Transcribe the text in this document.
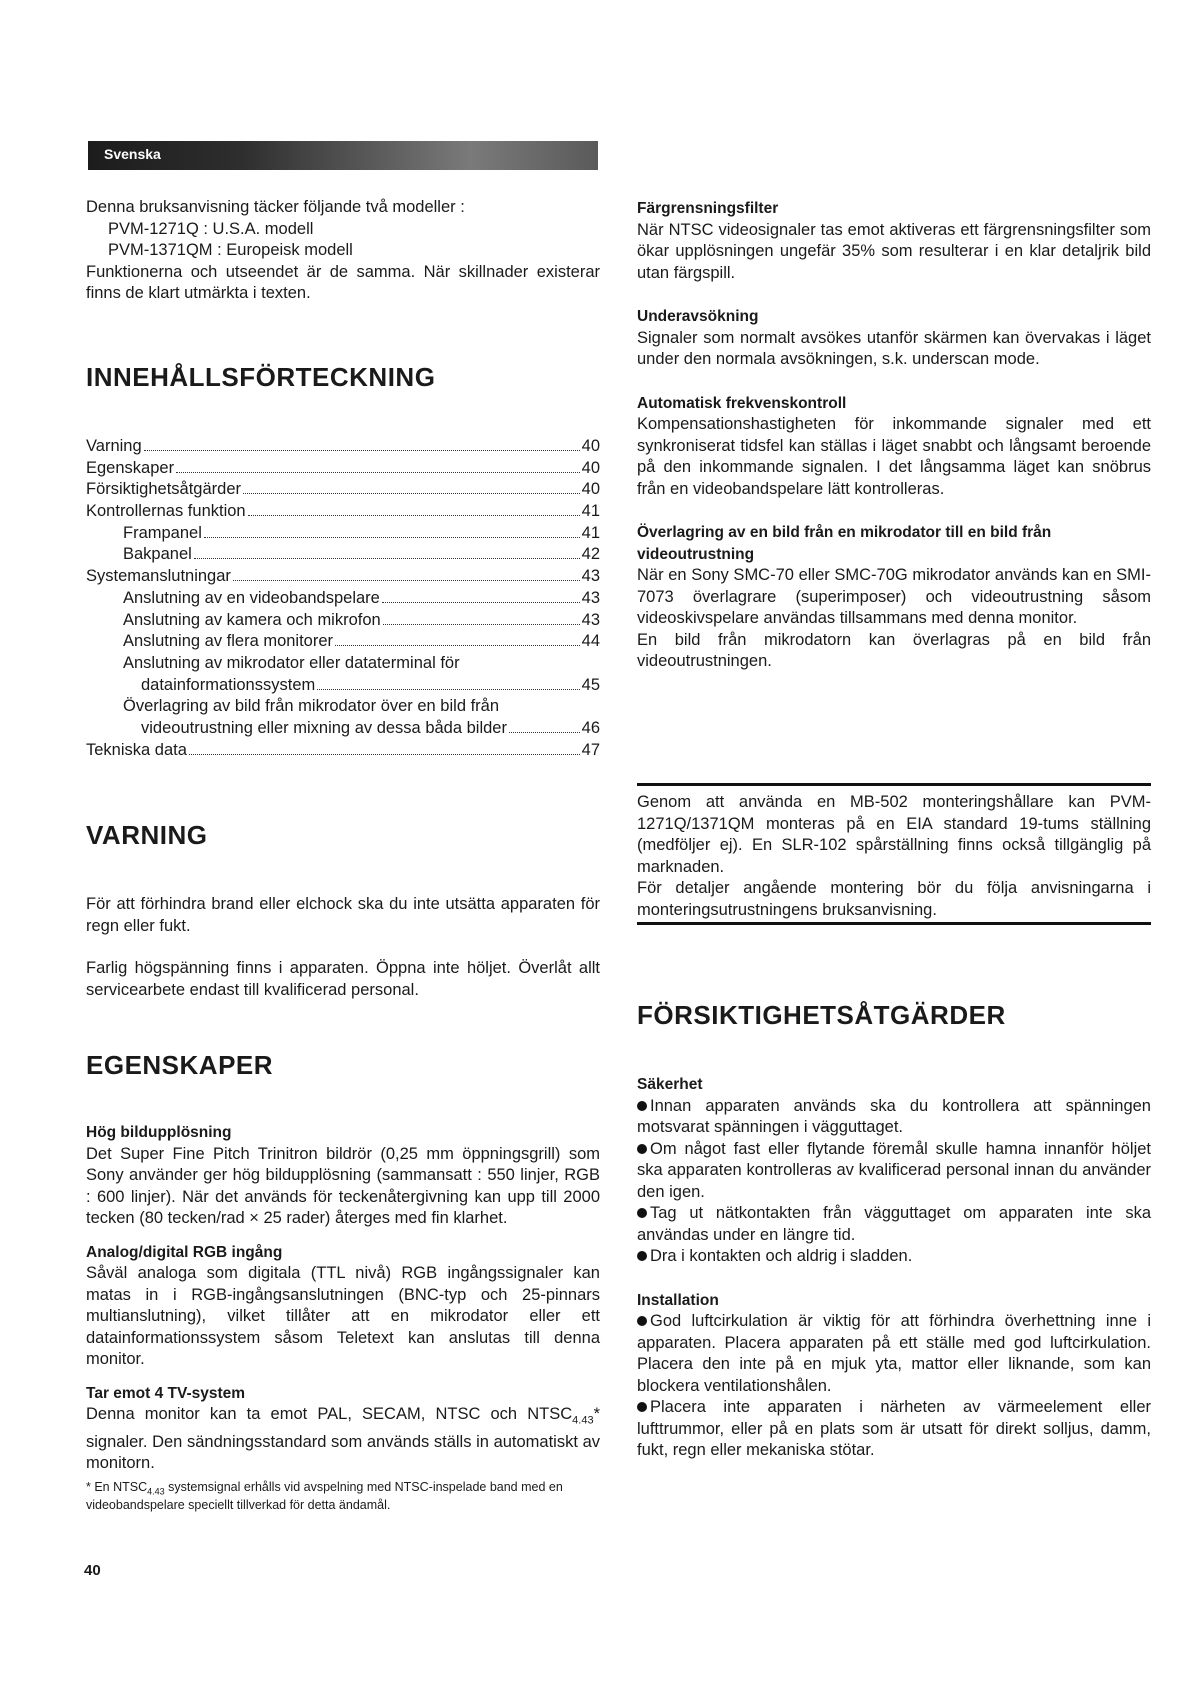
Svenska

Denna bruksanvisning täcker följande två modeller :

PVM-1271Q : U.S.A. modell

PVM-1371QM : Europeisk modell

Funktionerna och utseendet är de samma. När skillnader existerar finns de klart utmärkta i texten.

INNEHÅLLSFÖRTECKNING
Varning	40
Egenskaper	40
Försiktighetsåtgärder	40
Kontrollernas funktion	41
Frampanel	41
Bakpanel	42
Systemanslutningar	43
Anslutning av en videobandspelare	43
Anslutning av kamera och mikrofon	43
Anslutning av flera monitorer	44
Anslutning av mikrodator eller dataterminal för
datainformationssystem	45
Överlagring av bild från mikrodator över en bild från
videoutrustning eller mixning av dessa båda bilder	46
Tekniska data	47
VARNING

För att förhindra brand eller elchock ska du inte utsätta apparaten för regn eller fukt.

Farlig högspänning finns i apparaten. Öppna inte höljet. Överlåt allt servicearbete endast till kvalificerad personal.

EGENSKAPER

Hög bildupplösning

Det Super Fine Pitch Trinitron bildrör (0,25 mm öppningsgrill) som Sony använder ger hög bildupplösning (sammansatt : 550 linjer, RGB : 600 linjer). När det används för teckenåtergivning kan upp till 2000 tecken (80 tecken/rad × 25 rader) återges med fin klarhet.

Analog/digital RGB ingång

Såväl analoga som digitala (TTL nivå) RGB ingångssignaler kan matas in i RGB-ingångsanslutningen (BNC-typ och 25-pinnars multianslutning), vilket tillåter att en mikrodator eller ett datainformationssystem såsom Teletext kan anslutas till denna monitor.

Tar emot 4 TV-system

Denna monitor kan ta emot PAL, SECAM, NTSC och $NTSC_{4.43}*$ signaler. Den sändningsstandard som används ställs in automatiskt av monitorn.

* En $NTSC_{4.43}$ systemsignal erhålls vid avspelning med NTSC-inspelade band med en videobandspelare speciellt tillverkad för detta ändamål.

40

Färgrensningsfilter

När NTSC videosignaler tas emot aktiveras ett färgrensningsfilter som ökar upplösningen ungefär 35% som resulterar i en klar detaljrik bild utan färgspill.

Underavsökning

Signaler som normalt avsökes utanför skärmen kan övervakas i läget under den normala avsökningen, s.k. underscan mode.

Automatisk frekvenskontroll

Kompensationshastigheten för inkommande signaler med ett synkroniserat tidsfel kan ställas i läget snabbt och långsamt beroende på den inkommande signalen. I det långsamma läget kan snöbrus från en videobandspelare lätt kontrolleras.

Överlagring av en bild från en mikrodator till en bild från videoutrustning

När en Sony SMC-70 eller SMC-70G mikrodator används kan en SMI-7073 överlagrare (superimposer) och videoutrustning såsom videoskivspelare användas tillsammans med denna monitor.

En bild från mikrodatorn kan överlagras på en bild från videoutrustningen.

Genom att använda en MB-502 monteringshållare kan PVM-1271Q/1371QM monteras på en EIA standard 19-tums ställning (medföljer ej). En SLR-102 spårställning finns också tillgänglig på marknaden.

För detaljer angående montering bör du följa anvisningarna i monteringsutrustningens bruksanvisning.

FÖRSIKTIGHETSÅTGÄRDER

Säkerhet

Innan apparaten används ska du kontrollera att spänningen motsvarat spänningen i vägguttaget.

Om något fast eller flytande föremål skulle hamna innanför höljet ska apparaten kontrolleras av kvalificerad personal innan du använder den igen.

Tag ut nätkontakten från vägguttaget om apparaten inte ska användas under en längre tid.

Dra i kontakten och aldrig i sladden.

Installation

God luftcirkulation är viktig för att förhindra överhettning inne i apparaten. Placera apparaten på ett ställe med god luftcirkulation. Placera den inte på en mjuk yta, mattor eller liknande, som kan blockera ventilationshålen.

Placera inte apparaten i närheten av värmeelement eller lufttrummor, eller på en plats som är utsatt för direkt solljus, damm, fukt, regn eller mekaniska stötar.
